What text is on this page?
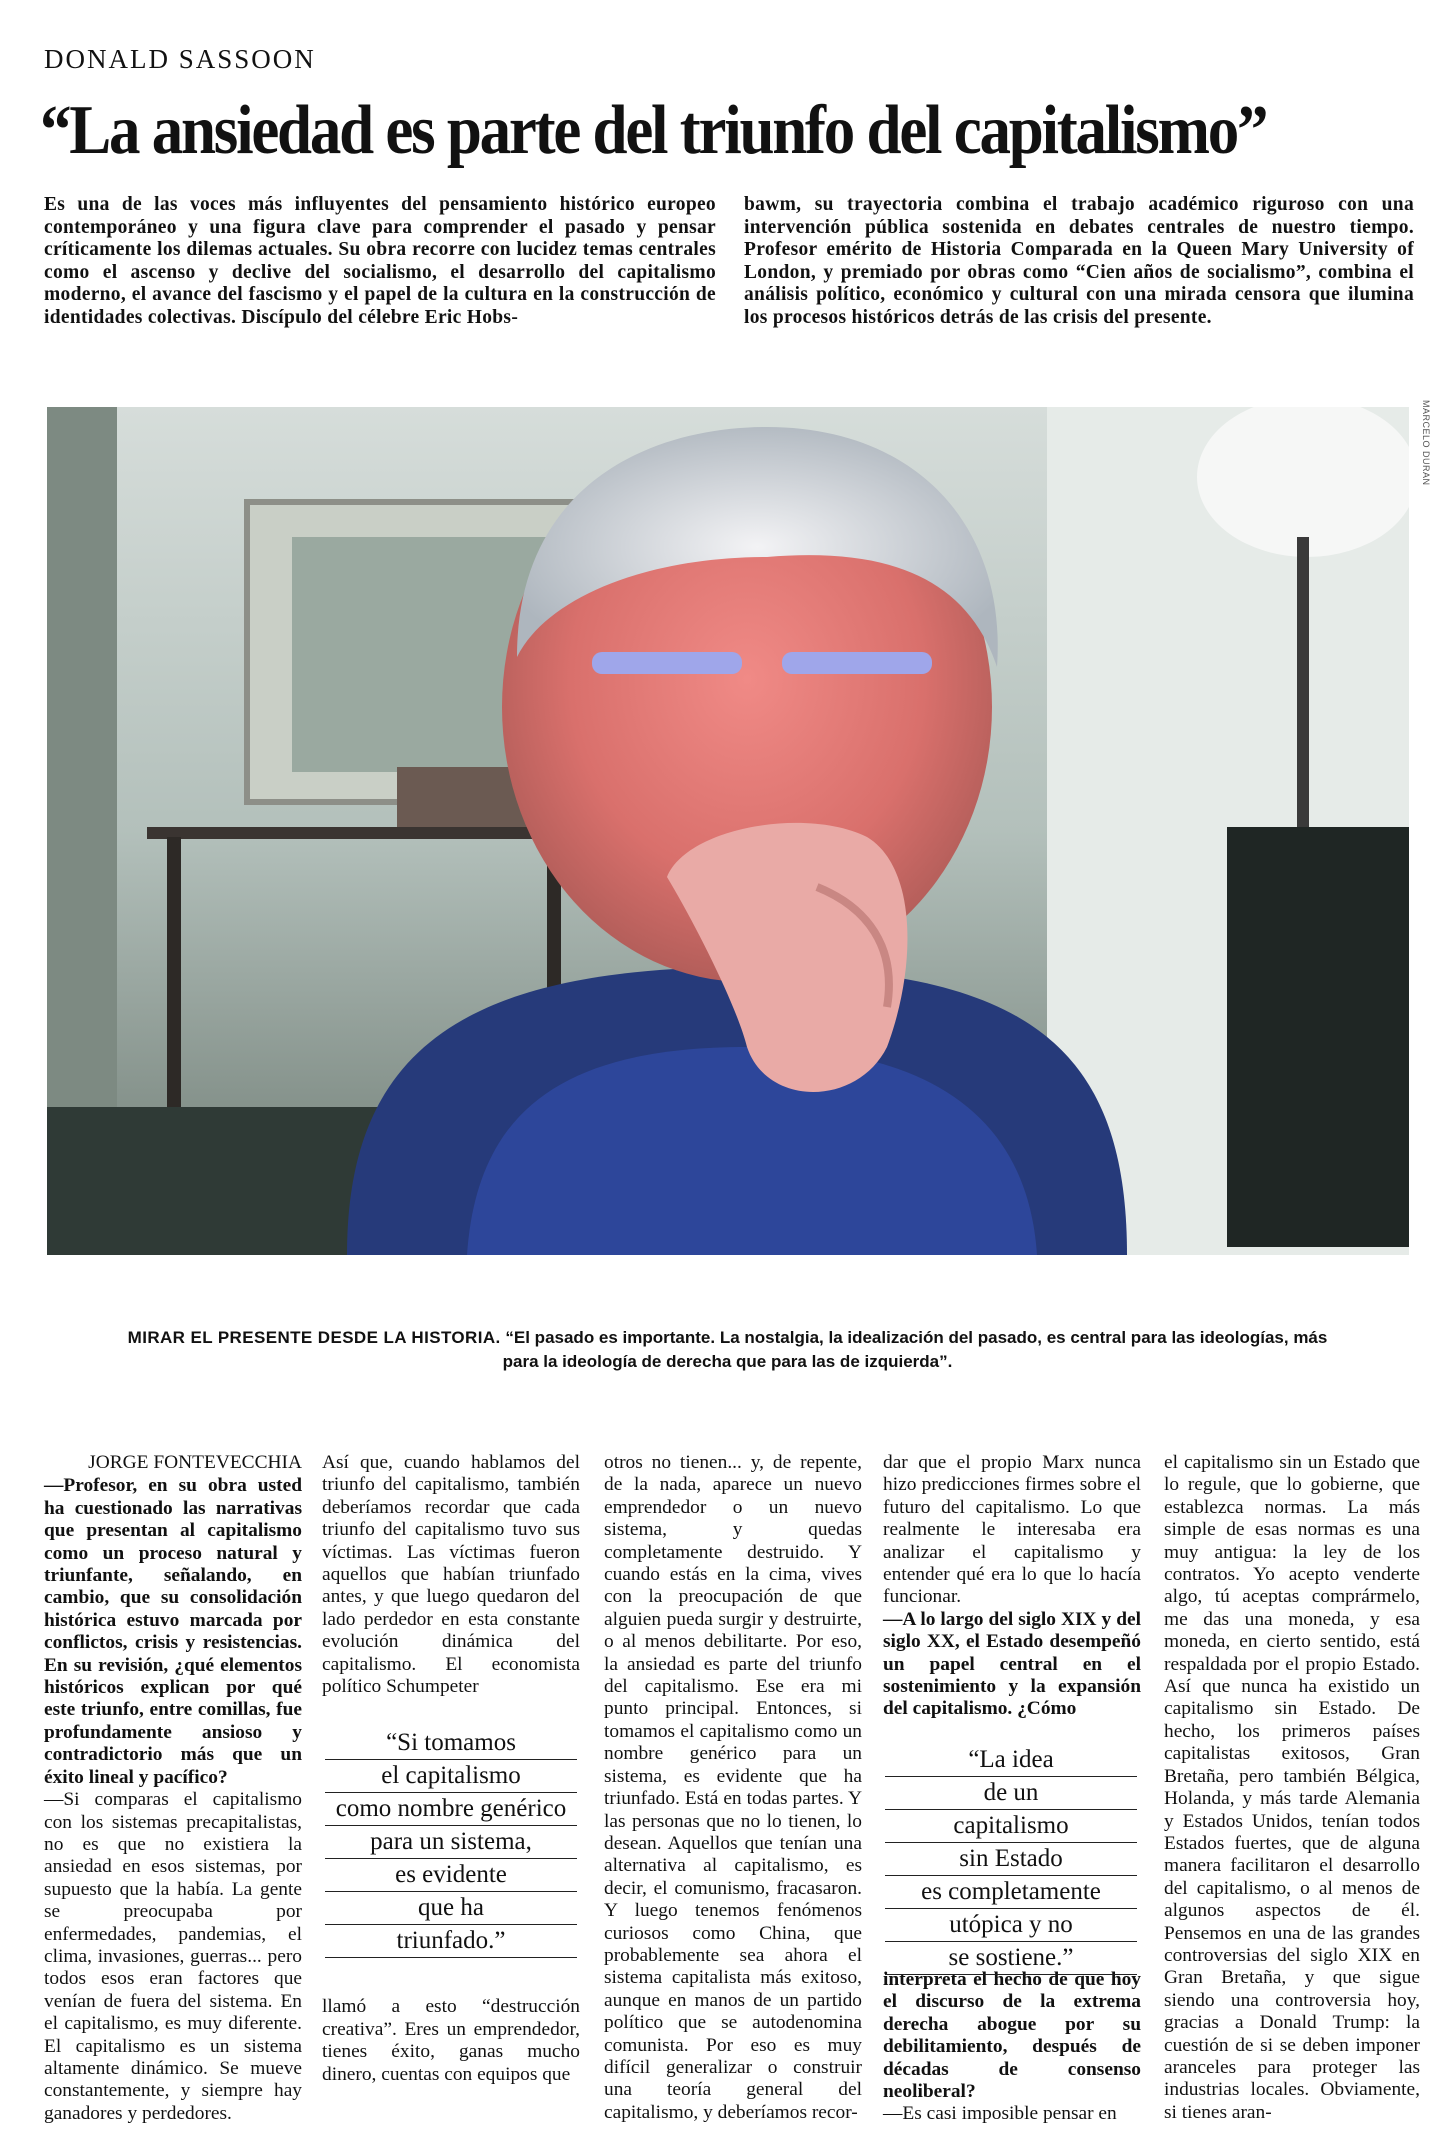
DONALD SASSOON
“La ansiedad es parte del triunfo del capitalismo”

Es una de las voces más influyentes del pensamiento histórico europeo contemporáneo y una figura clave para comprender el pasado y pensar críticamente los dilemas actuales. Su obra recorre con lucidez temas centrales como el ascenso y declive del socialismo, el desarrollo del capitalismo moderno, el avance del fascismo y el papel de la cultura en la construcción de identidades colectivas. Discípulo del célebre Eric Hobs-

bawm, su trayectoria combina el trabajo académico riguroso con una intervención pública sostenida en debates centrales de nuestro tiempo. Profesor emérito de Historia Comparada en la Queen Mary University of London, y premiado por obras como “Cien años de socialismo”, combina el análisis político, económico y cultural con una mirada censora que ilumina los procesos históricos detrás de las crisis del presente.

MARCELO DURAN
MIRAR EL PRESENTE DESDE LA HISTORIA. “El pasado es importante. La nostalgia, la idealización del pasado, es central para las ideologías, más para la ideología de derecha que para las de izquierda”.
JORGE FONTEVECCHIA

—Profesor, en su obra usted ha cuestionado las narrativas que presentan al capitalismo como un proceso natural y triunfante, señalando, en cambio, que su consolidación histórica estuvo marcada por conflictos, crisis y resistencias. En su revisión, ¿qué elementos históricos explican por qué este triunfo, entre comillas, fue profundamente ansioso y contradictorio más que un éxito lineal y pacífico?

—Si comparas el capitalismo con los sistemas precapitalistas, no es que no existiera la ansiedad en esos sistemas, por supuesto que la había. La gente se preocupaba por enfermedades, pandemias, el clima, invasiones, guerras... pero todos esos eran factores que venían de fuera del sistema. En el capitalismo, es muy diferente. El capitalismo es un sistema altamente dinámico. Se mueve constantemente, y siempre hay ganadores y perdedores.

Así que, cuando hablamos del triunfo del capitalismo, también deberíamos recordar que cada triunfo del capitalismo tuvo sus víctimas. Las víctimas fueron aquellos que habían triunfado antes, y que luego quedaron del lado perdedor en esta constante evolución dinámica del capitalismo. El economista político Schumpeter

llamó a esto “destrucción creativa”. Eres un emprendedor, tienes éxito, ganas mucho dinero, cuentas con equipos que

“Si tomamos
el capitalismo
como nombre genérico
para un sistema,
es evidente
que ha
triunfado.”

otros no tienen... y, de repente, de la nada, aparece un nuevo emprendedor o un nuevo sistema, y quedas completamente destruido. Y cuando estás en la cima, vives con la preocupación de que alguien pueda surgir y destruirte, o al menos debilitarte. Por eso, la ansiedad es parte del triunfo del capitalismo. Ese era mi punto principal. Entonces, si tomamos el capitalismo como un nombre genérico para un sistema, es evidente que ha triunfado. Está en todas partes. Y las personas que no lo tienen, lo desean. Aquellos que tenían una alternativa al capitalismo, es decir, el comunismo, fracasaron. Y luego tenemos fenómenos curiosos como China, que probablemente sea ahora el sistema capitalista más exitoso, aunque en manos de un partido político que se autodenomina comunista. Por eso es muy difícil generalizar o construir una teoría general del capitalismo, y deberíamos recor-

dar que el propio Marx nunca hizo predicciones firmes sobre el futuro del capitalismo. Lo que realmente le interesaba era analizar el capitalismo y entender qué era lo que lo hacía funcionar.

—A lo largo del siglo XIX y del siglo XX, el Estado desempeñó un papel central en el sostenimiento y la expansión del capitalismo. ¿Cómo

interpreta el hecho de que hoy el discurso de la extrema derecha abogue por su debilitamiento, después de décadas de consenso neoliberal?

—Es casi imposible pensar en

“La idea
de un
capitalismo
sin Estado
es completamente
utópica y no
se sostiene.”

el capitalismo sin un Estado que lo regule, que lo gobierne, que establezca normas. La más simple de esas normas es una muy antigua: la ley de los contratos. Yo acepto venderte algo, tú aceptas comprármelo, me das una moneda, y esa moneda, en cierto sentido, está respaldada por el propio Estado. Así que nunca ha existido un capitalismo sin Estado. De hecho, los primeros países capitalistas exitosos, Gran Bretaña, pero también Bélgica, Holanda, y más tarde Alemania y Estados Unidos, tenían todos Estados fuertes, que de alguna manera facilitaron el desarrollo del capitalismo, o al menos de algunos aspectos de él. Pensemos en una de las grandes controversias del siglo XIX en Gran Bretaña, y que sigue siendo una controversia hoy, gracias a Donald Trump: la cuestión de si se deben imponer aranceles para proteger las industrias locales. Obviamente, si tienes aran-
